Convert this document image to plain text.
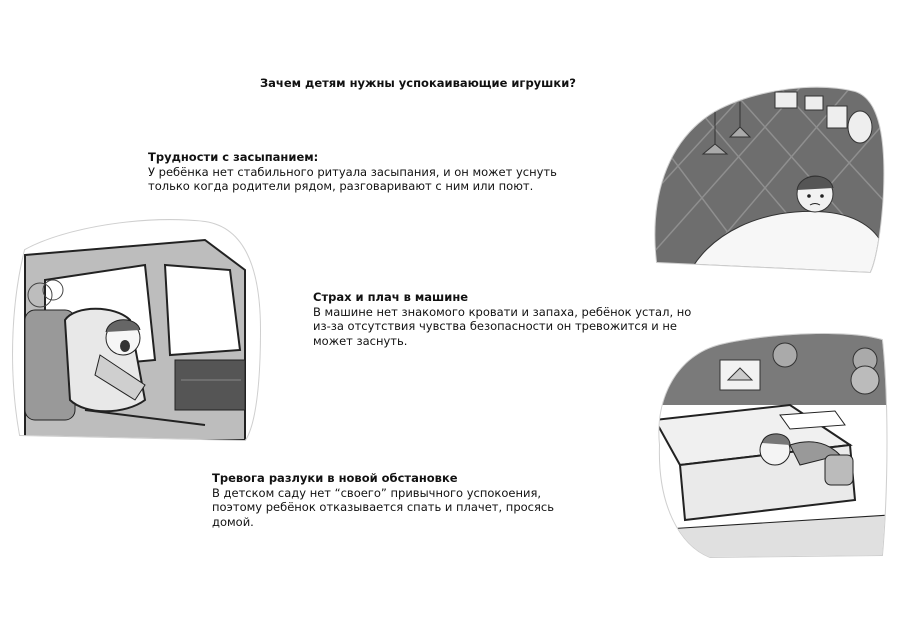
Зачем детям нужны успокаивающие игрушки?
Трудности с засыпанием:
У ребёнка нет стабильного ритуала засыпания, и он может уснуть только когда родители рядом, разговаривают с ним или поют.
Страх и плач в машине
В машине нет знакомого кровати и запаха, ребёнок устал, но из-за отсутствия чувства безопасности он тревожится и не может заснуть.
Тревога разлуки в новой обстановке
В детском саду нет “своего” привычного успокоения, поэтому ребёнок отказывается спать и плачет, просясь домой.
